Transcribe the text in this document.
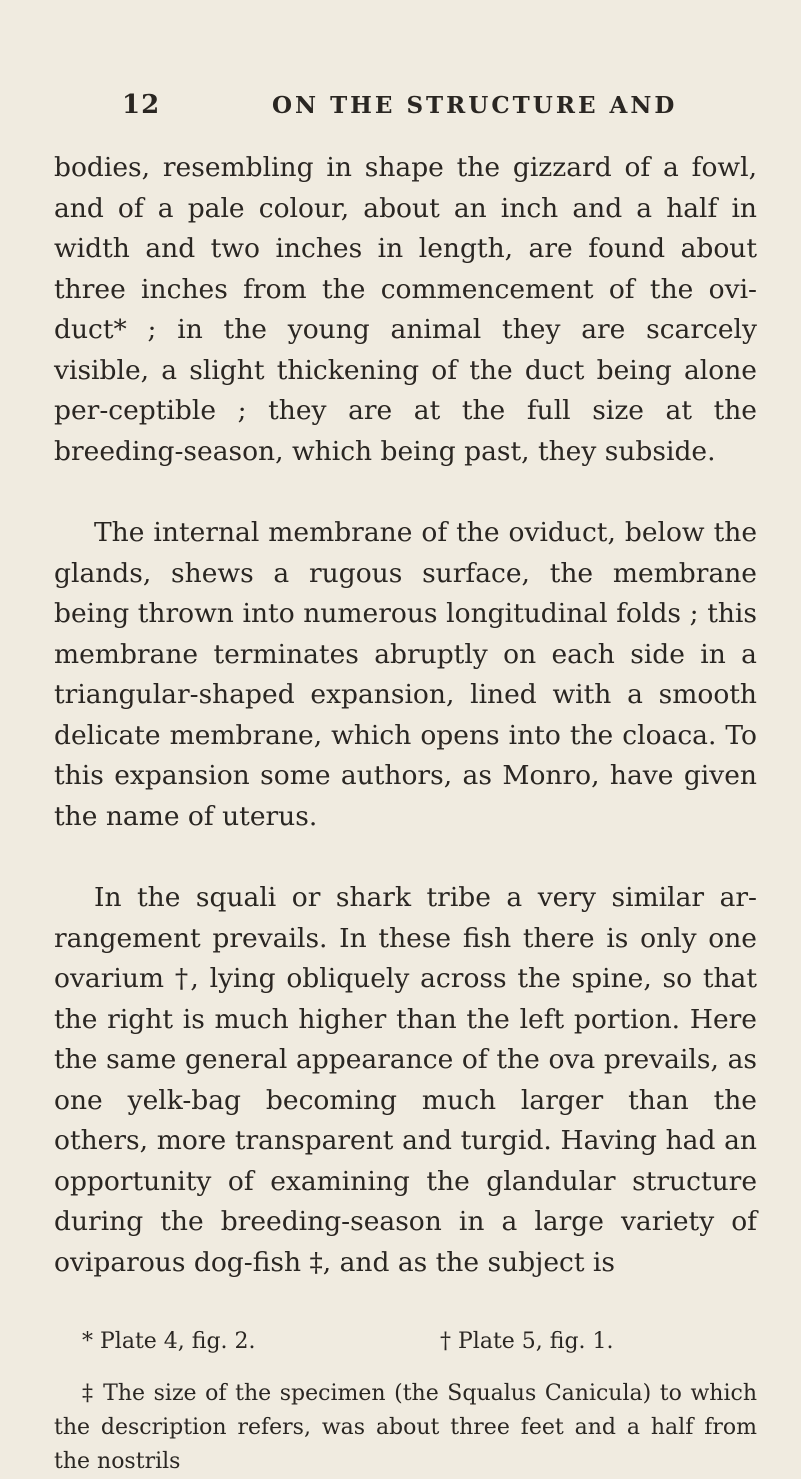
12	ON THE STRUCTURE AND

bodies, resembling in shape the gizzard of a fowl, and of a pale colour, about an inch and a half in width and two inches in length, are found about three inches from the commencement of the ovi-duct* ; in the young animal they are scarcely visible, a slight thickening of the duct being alone per-ceptible ; they are at the full size at the breeding-season, which being past, they subside.

The internal membrane of the oviduct, below the glands, shews a rugous surface, the membrane being thrown into numerous longitudinal folds ; this membrane terminates abruptly on each side in a triangular-shaped expansion, lined with a smooth delicate membrane, which opens into the cloaca. To this expansion some authors, as Monro, have given the name of uterus.

In the squali or shark tribe a very similar ar-rangement prevails. In these fish there is only one ovarium †, lying obliquely across the spine, so that the right is much higher than the left portion. Here the same general appearance of the ova prevails, as one yelk-bag becoming much larger than the others, more transparent and turgid. Having had an opportunity of examining the glandular structure during the breeding-season in a large variety of oviparous dog-fish ‡, and as the subject is

* Plate 4, fig. 2.	† Plate 5, fig. 1.
‡ The size of the specimen (the Squalus Canicula) to which the description refers, was about three feet and a half from the nostrils
